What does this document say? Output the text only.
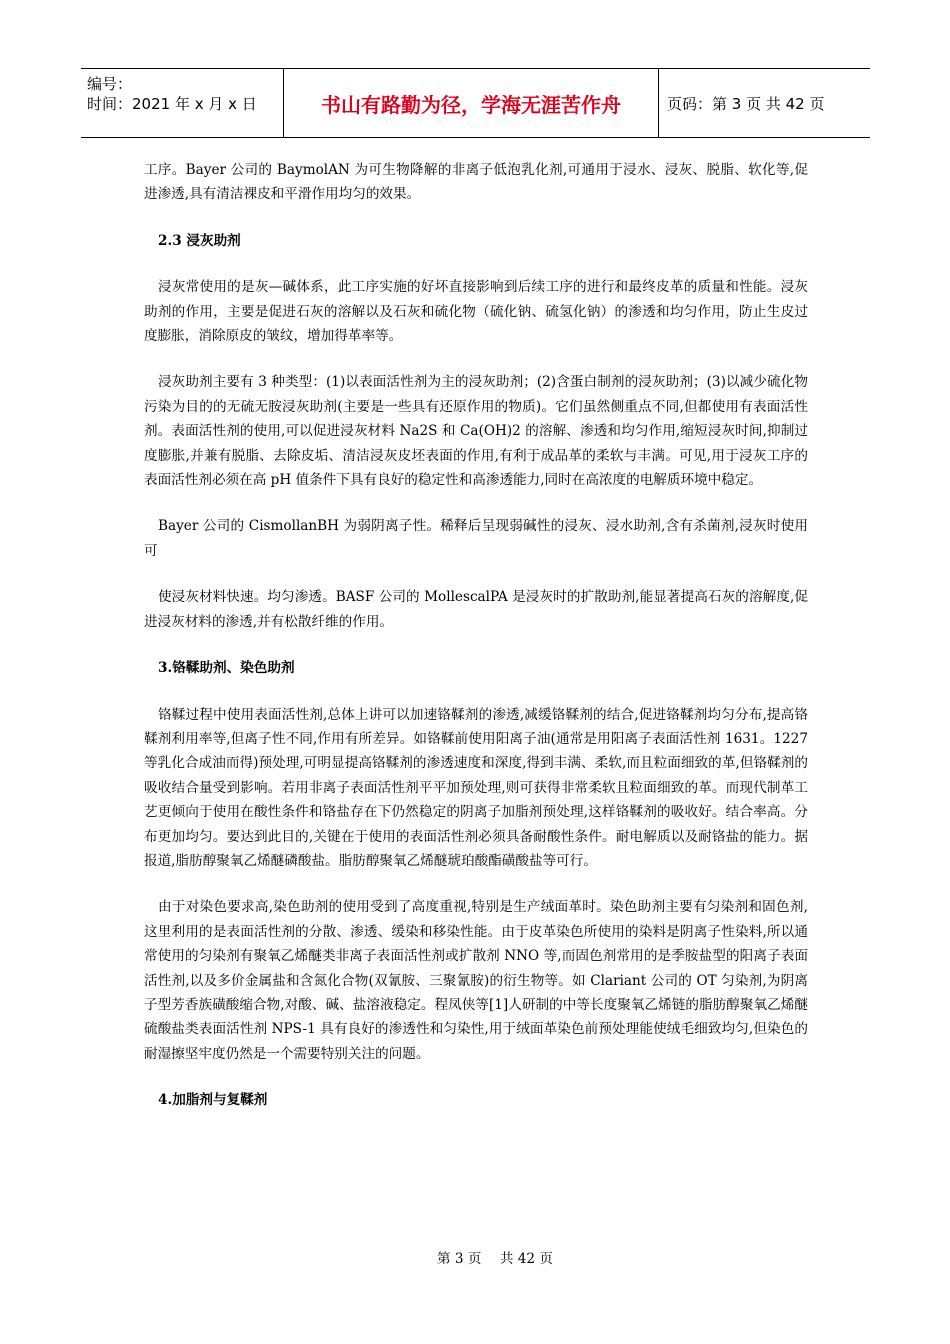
编号：
时间：2021 年 x 月 x 日	书山有路勤为径，学海无涯苦作舟	页码：第 3 页 共 42 页

工序。Bayer 公司的 BaymolAN 为可生物降解的非离子低泡乳化剂,可通用于浸水、浸灰、脱脂、软化等,促进渗透,具有清洁裸皮和平滑作用均匀的效果。

2.3 浸灰助剂

浸灰常使用的是灰—碱体系，此工序实施的好坏直接影响到后续工序的进行和最终皮革的质量和性能。浸灰助剂的作用，主要是促进石灰的溶解以及石灰和硫化物（硫化钠、硫氢化钠）的渗透和均匀作用，防止生皮过度膨胀，消除原皮的皱纹，增加得革率等。

浸灰助剂主要有 3 种类型：(1)以表面活性剂为主的浸灰助剂；(2)含蛋白制剂的浸灰助剂；(3)以减少硫化物污染为目的的无硫无胺浸灰助剂(主要是一些具有还原作用的物质)。它们虽然侧重点不同,但都使用有表面活性剂。表面活性剂的使用,可以促进浸灰材料 Na2S 和 Ca(OH)2 的溶解、渗透和均匀作用,缩短浸灰时间,抑制过度膨胀,并兼有脱脂、去除皮垢、清洁浸灰皮坯表面的作用,有利于成品革的柔软与丰满。可见,用于浸灰工序的表面活性剂必须在高 pH 值条件下具有良好的稳定性和高渗透能力,同时在高浓度的电解质环境中稳定。

Bayer 公司的 CismollanBH 为弱阴离子性。稀释后呈现弱碱性的浸灰、浸水助剂,含有杀菌剂,浸灰时使用可

使浸灰材料快速。均匀渗透。BASF 公司的 MollescalPA 是浸灰时的扩散助剂,能显著提高石灰的溶解度,促进浸灰材料的渗透,并有松散纤维的作用。

3.铬鞣助剂、染色助剂

铬鞣过程中使用表面活性剂,总体上讲可以加速铬鞣剂的渗透,减缓铬鞣剂的结合,促进铬鞣剂均匀分布,提高铬鞣剂利用率等,但离子性不同,作用有所差异。如铬鞣前使用阳离子油(通常是用阳离子表面活性剂 1631。1227 等乳化合成油而得)预处理,可明显提高铬鞣剂的渗透速度和深度,得到丰满、柔软,而且粒面细致的革,但铬鞣剂的吸收结合量受到影响。若用非离子表面活性剂平平加预处理,则可获得非常柔软且粒面细致的革。而现代制革工艺更倾向于使用在酸性条件和铬盐存在下仍然稳定的阴离子加脂剂预处理,这样铬鞣剂的吸收好。结合率高。分布更加均匀。要达到此目的,关键在于使用的表面活性剂必须具备耐酸性条件。耐电解质以及耐铬盐的能力。据报道,脂肪醇聚氧乙烯醚磷酸盐。脂肪醇聚氧乙烯醚琥珀酸酯磺酸盐等可行。

由于对染色要求高,染色助剂的使用受到了高度重视,特别是生产绒面革时。染色助剂主要有匀染剂和固色剂,这里利用的是表面活性剂的分散、渗透、缓染和移染性能。由于皮革染色所使用的染料是阴离子性染料,所以通常使用的匀染剂有聚氧乙烯醚类非离子表面活性剂或扩散剂 NNO 等,而固色剂常用的是季胺盐型的阳离子表面活性剂,以及多价金属盐和含氮化合物(双氰胺、三聚氰胺)的衍生物等。如 Clariant 公司的 OT 匀染剂,为阴离子型芳香族磺酸缩合物,对酸、碱、盐溶液稳定。程凤侠等[1]人研制的中等长度聚氧乙烯链的脂肪醇聚氧乙烯醚硫酸盐类表面活性剂 NPS-1 具有良好的渗透性和匀染性,用于绒面革染色前预处理能使绒毛细致均匀,但染色的耐湿擦坚牢度仍然是一个需要特别关注的问题。

4.加脂剂与复鞣剂

第 3 页 共 42 页
